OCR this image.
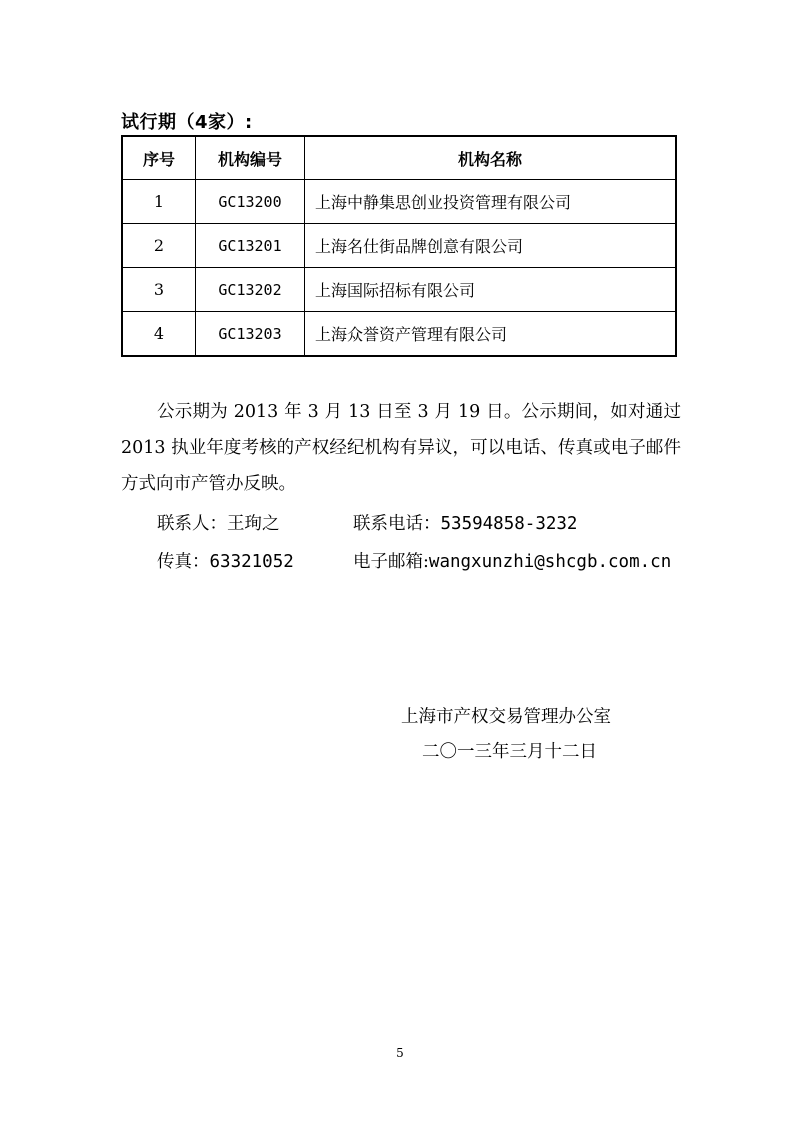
试行期（4家）:
序号	机构编号	机构名称
1	GC13200	上海中静集思创业投资管理有限公司
2	GC13201	上海名仕街品牌创意有限公司
3	GC13202	上海国际招标有限公司
4	GC13203	上海众誉资产管理有限公司
公示期为 2013 年 3 月 13 日至 3 月 19 日。公示期间，如对通过 2013 执业年度考核的产权经纪机构有异议，可以电话、传真或电子邮件方式向市产管办反映。
联系人：王珣之	联系电话：53594858-3232
传真：63321052	电子邮箱:wangxunzhi@shcgb.com.cn
上海市产权交易管理办公室
二〇一三年三月十二日
5
